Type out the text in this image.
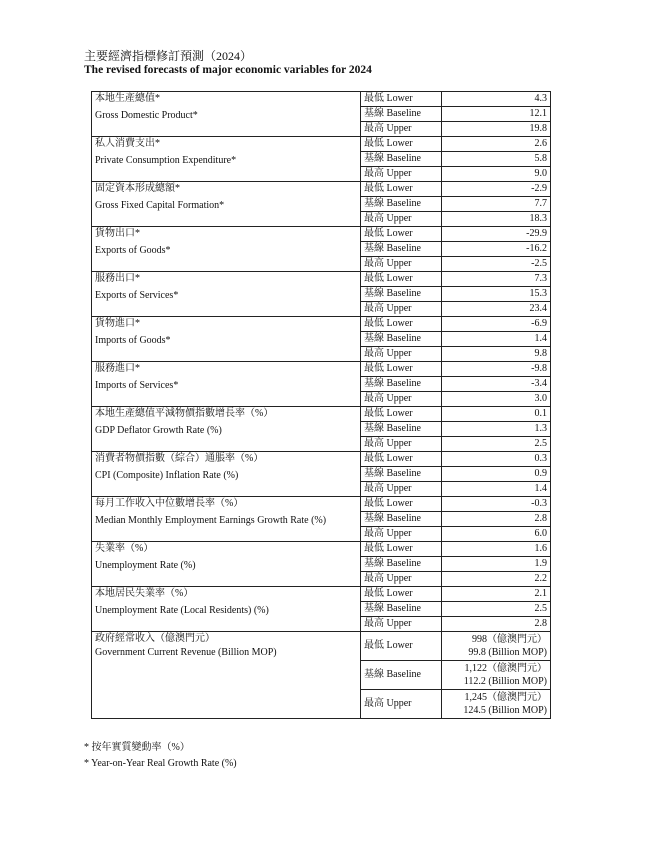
主要經濟指標修訂預測（2024）
The revised forecasts of major economic variables for 2024
本地生產總值*
Gross Domestic Product*	最低 Lower	4.3
	基線 Baseline	12.1
	最高 Upper	19.8

私人消費支出*
Private Consumption Expenditure*	最低 Lower	2.6
	基線 Baseline	5.8
	最高 Upper	9.0

固定資本形成總額*
Gross Fixed Capital Formation*	最低 Lower	-2.9
	基線 Baseline	7.7
	最高 Upper	18.3

貨物出口*
Exports of Goods*	最低 Lower	-29.9
	基線 Baseline	-16.2
	最高 Upper	-2.5

服務出口*
Exports of Services*	最低 Lower	7.3
	基線 Baseline	15.3
	最高 Upper	23.4

貨物進口*
Imports of Goods*	最低 Lower	-6.9
	基線 Baseline	1.4
	最高 Upper	9.8

服務進口*
Imports of Services*	最低 Lower	-9.8
	基線 Baseline	-3.4
	最高 Upper	3.0

本地生產總值平減物價指數增長率（%）
GDP Deflator Growth Rate (%)	最低 Lower	0.1
	基線 Baseline	1.3
	最高 Upper	2.5

消費者物價指數（綜合）通脹率（%）
CPI (Composite) Inflation Rate (%)	最低 Lower	0.3
	基線 Baseline	0.9
	最高 Upper	1.4

每月工作收入中位數增長率（%）
Median Monthly Employment Earnings Growth Rate (%)	最低 Lower	-0.3
	基線 Baseline	2.8
	最高 Upper	6.0

失業率（%）
Unemployment Rate (%)	最低 Lower	1.6
	基線 Baseline	1.9
	最高 Upper	2.2

本地居民失業率（%）
Unemployment Rate (Local Residents) (%)	最低 Lower	2.1
	基線 Baseline	2.5
	最高 Upper	2.8

政府經常收入（億澳門元）
Government Current Revenue (Billion MOP)	最低 Lower	998（億澳門元）
99.8 (Billion MOP)

	基線 Baseline	1,122（億澳門元）
112.2 (Billion MOP)

	最高 Upper	1,245（億澳門元）
124.5 (Billion MOP)
* 按年實質變動率（%）
* Year-on-Year Real Growth Rate (%)
